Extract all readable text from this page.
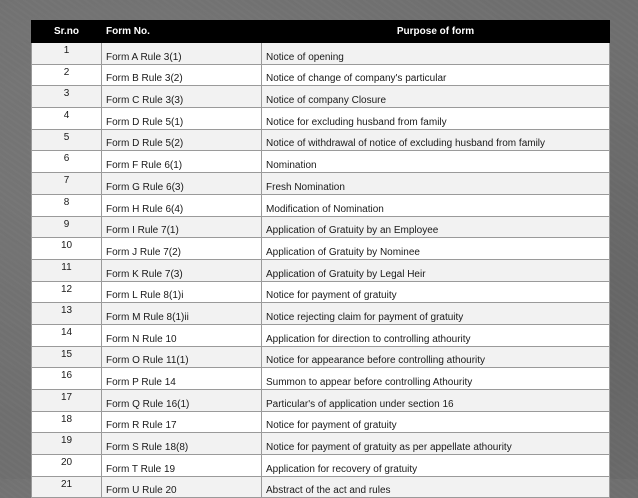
Sr.no	Form No.	Purpose of form
1	Form A Rule 3(1)	Notice of opening
2	Form B Rule 3(2)	Notice of change of company's particular
3	Form C Rule 3(3)	Notice of company Closure
4	Form D Rule 5(1)	Notice for excluding husband from family
5	Form D Rule 5(2)	Notice of withdrawal of notice of excluding husband from family
6	Form F Rule 6(1)	Nomination
7	Form G Rule 6(3)	Fresh Nomination
8	Form H Rule 6(4)	Modification of Nomination
9	Form I Rule 7(1)	Application of Gratuity by an Employee
10	Form J Rule 7(2)	Application of Gratuity by Nominee
11	Form K Rule 7(3)	Application of Gratuity by Legal Heir
12	Form L Rule 8(1)i	Notice for payment of gratuity
13	Form M Rule 8(1)ii	Notice rejecting claim for payment of gratuity
14	Form N Rule 10	Application for direction to controlling athourity
15	Form O Rule 11(1)	Notice for appearance before controlling athourity
16	Form P Rule 14	Summon to appear before controlling Athourity
17	Form Q Rule 16(1)	Particular's of application under section 16
18	Form R Rule 17	Notice for payment of gratuity
19	Form S Rule 18(8)	Notice for payment of gratuity as per appellate athourity
20	Form T Rule 19	Application for recovery of gratuity
21	Form U Rule 20	Abstract of the act and rules
